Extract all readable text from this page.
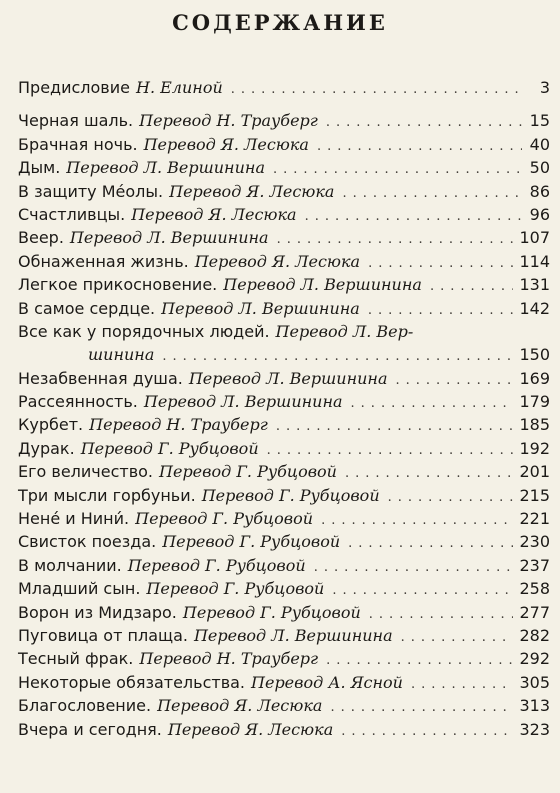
СОДЕРЖАНИЕ
Предисловие Н. Елиной .....	3
Черная шаль. Перевод Н. Трауберг .....	15
Брачная ночь. Перевод Я. Лесюка .....	40
Дым. Перевод Л. Вершинина .....	50
В защиту Мéолы. Перевод Я. Лесюка .....	86
Счастливцы. Перевод Я. Лесюка .....	96
Веер. Перевод Л. Вершинина .....	107
Обнаженная жизнь. Перевод Я. Лесюка .....	114
Легкое прикосновение. Перевод Л. Вершинина .....	131
В самое сердце. Перевод Л. Вершинина .....	142
Все как у порядочных людей. Перевод Л. Вер-
шинина .....	150
Незабвенная душа. Перевод Л. Вершинина .....	169
Рассеянность. Перевод Л. Вершинина .....	179
Курбет. Перевод Н. Трауберг .....	185
Дурак. Перевод Г. Рубцовой .....	192
Его величество. Перевод Г. Рубцовой .....	201
Три мысли горбуньи. Перевод Г. Рубцовой .....	215
Нене́ и Нини́. Перевод Г. Рубцовой .....	221
Свисток поезда. Перевод Г. Рубцовой .....	230
В молчании. Перевод Г. Рубцовой .....	237
Младший сын. Перевод Г. Рубцовой .....	258
Ворон из Мидзаро. Перевод Г. Рубцовой .....	277
Пуговица от плаща. Перевод Л. Вершинина .....	282
Тесный фрак. Перевод Н. Трауберг .....	292
Некоторые обязательства. Перевод А. Ясной .....	305
Благословение. Перевод Я. Лесюка .....	313
Вчера и сегодня. Перевод Я. Лесюка .....	323
